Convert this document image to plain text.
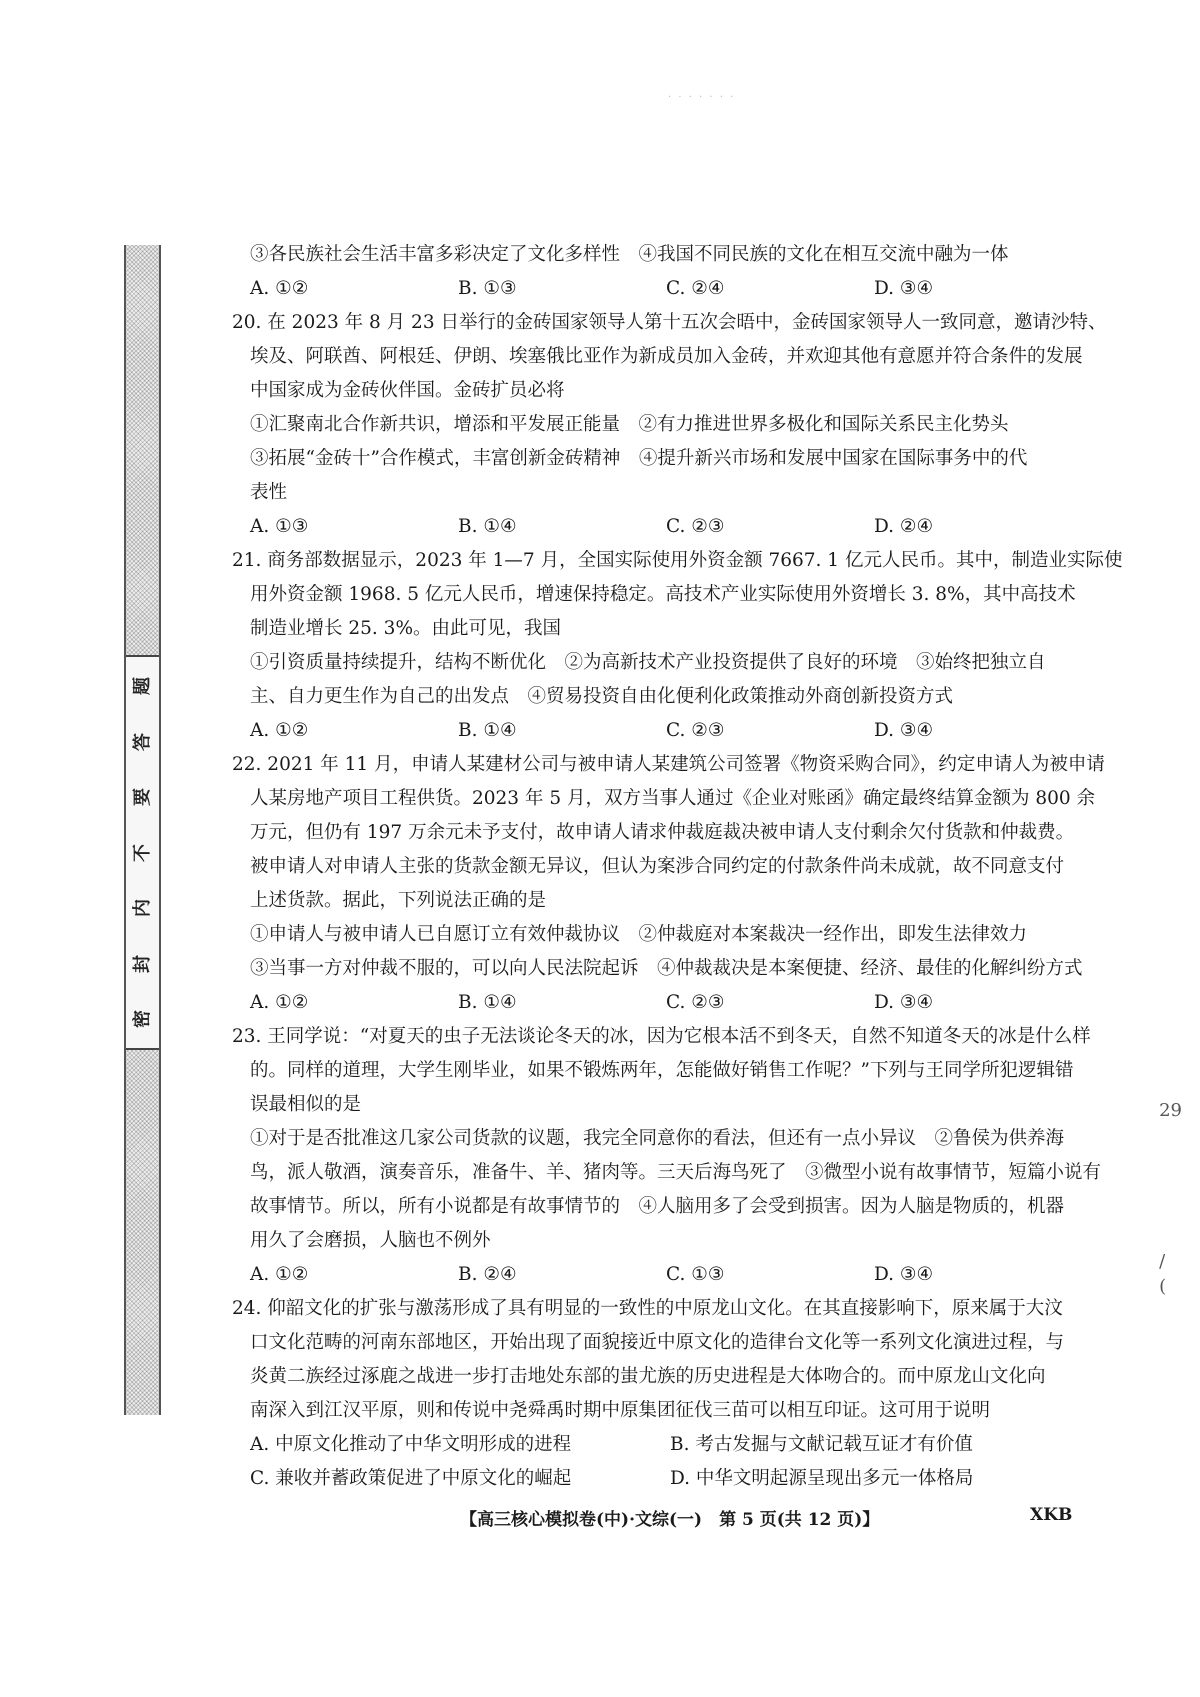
· · · · · · ·
题
答
要
不
内
封
密
③各民族社会生活丰富多彩决定了文化多样性　④我国不同民族的文化在相互交流中融为一体
A. ①②	B. ①③	C. ②④	D. ③④
20. 在 2023 年 8 月 23 日举行的金砖国家领导人第十五次会晤中，金砖国家领导人一致同意，邀请沙特、
埃及、阿联酋、阿根廷、伊朗、埃塞俄比亚作为新成员加入金砖，并欢迎其他有意愿并符合条件的发展
中国家成为金砖伙伴国。金砖扩员必将
①汇聚南北合作新共识，增添和平发展正能量　②有力推进世界多极化和国际关系民主化势头
③拓展“金砖十”合作模式，丰富创新金砖精神　④提升新兴市场和发展中国家在国际事务中的代
表性
A. ①③	B. ①④	C. ②③	D. ②④
21. 商务部数据显示，2023 年 1—7 月，全国实际使用外资金额 7667. 1 亿元人民币。其中，制造业实际使
用外资金额 1968. 5 亿元人民币，增速保持稳定。高技术产业实际使用外资增长 3. 8%，其中高技术
制造业增长 25. 3%。由此可见，我国
①引资质量持续提升，结构不断优化　②为高新技术产业投资提供了良好的环境　③始终把独立自
主、自力更生作为自己的出发点　④贸易投资自由化便利化政策推动外商创新投资方式
A. ①②	B. ①④	C. ②③	D. ③④
22. 2021 年 11 月，申请人某建材公司与被申请人某建筑公司签署《物资采购合同》，约定申请人为被申请
人某房地产项目工程供货。2023 年 5 月，双方当事人通过《企业对账函》确定最终结算金额为 800 余
万元，但仍有 197 万余元未予支付，故申请人请求仲裁庭裁决被申请人支付剩余欠付货款和仲裁费。
被申请人对申请人主张的货款金额无异议，但认为案涉合同约定的付款条件尚未成就，故不同意支付
上述货款。据此，下列说法正确的是
①申请人与被申请人已自愿订立有效仲裁协议　②仲裁庭对本案裁决一经作出，即发生法律效力
③当事一方对仲裁不服的，可以向人民法院起诉　④仲裁裁决是本案便捷、经济、最佳的化解纠纷方式
A. ①②	B. ①④	C. ②③	D. ③④
23. 王同学说：“对夏天的虫子无法谈论冬天的冰，因为它根本活不到冬天，自然不知道冬天的冰是什么样
的。同样的道理，大学生刚毕业，如果不锻炼两年，怎能做好销售工作呢？”下列与王同学所犯逻辑错
误最相似的是
①对于是否批准这几家公司货款的议题，我完全同意你的看法，但还有一点小异议　②鲁侯为供养海
鸟，派人敬酒，演奏音乐，准备牛、羊、猪肉等。三天后海鸟死了　③微型小说有故事情节，短篇小说有
故事情节。所以，所有小说都是有故事情节的　④人脑用多了会受到损害。因为人脑是物质的，机器
用久了会磨损，人脑也不例外
A. ①②	B. ②④	C. ①③	D. ③④
24. 仰韶文化的扩张与激荡形成了具有明显的一致性的中原龙山文化。在其直接影响下，原来属于大汶
口文化范畴的河南东部地区，开始出现了面貌接近中原文化的造律台文化等一系列文化演进过程，与
炎黄二族经过涿鹿之战进一步打击地处东部的蚩尤族的历史进程是大体吻合的。而中原龙山文化向
南深入到江汉平原，则和传说中尧舜禹时期中原集团征伐三苗可以相互印证。这可用于说明
A. 中原文化推动了中华文明形成的进程	B. 考古发掘与文献记载互证才有价值
C. 兼收并蓄政策促进了中原文化的崛起	D. 中华文明起源呈现出多元一体格局
【高三核心模拟卷(中)·文综(一)　第 5 页(共 12 页)】	XKB
29
/
(
